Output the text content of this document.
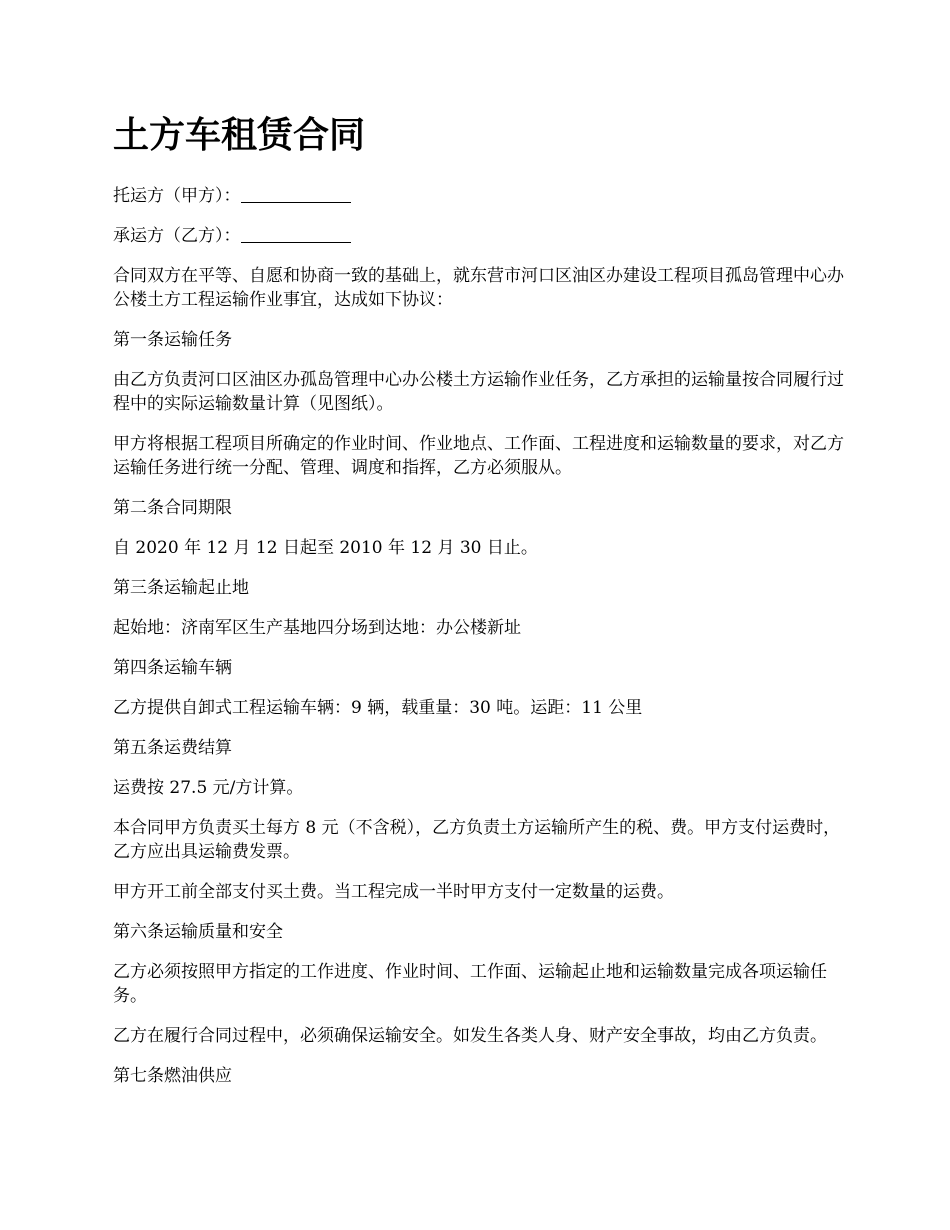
土方车租赁合同

托运方（甲方）：

承运方（乙方）：

合同双方在平等、自愿和协商一致的基础上，就东营市河口区油区办建设工程项目孤岛管理中心办公楼土方工程运输作业事宜，达成如下协议：

第一条运输任务

由乙方负责河口区油区办孤岛管理中心办公楼土方运输作业任务，乙方承担的运输量按合同履行过程中的实际运输数量计算（见图纸）。

甲方将根据工程项目所确定的作业时间、作业地点、工作面、工程进度和运输数量的要求，对乙方运输任务进行统一分配、管理、调度和指挥，乙方必须服从。

第二条合同期限

自 2020 年 12 月 12 日起至 2010 年 12 月 30 日止。

第三条运输起止地

起始地：济南军区生产基地四分场到达地：办公楼新址

第四条运输车辆

乙方提供自卸式工程运输车辆：9 辆，载重量：30 吨。运距：11 公里

第五条运费结算

运费按 27.5 元/方计算。

本合同甲方负责买土每方 8 元（不含税），乙方负责土方运输所产生的税、费。甲方支付运费时，乙方应出具运输费发票。

甲方开工前全部支付买土费。当工程完成一半时甲方支付一定数量的运费。

第六条运输质量和安全

乙方必须按照甲方指定的工作进度、作业时间、工作面、运输起止地和运输数量完成各项运输任务。

乙方在履行合同过程中，必须确保运输安全。如发生各类人身、财产安全事故，均由乙方负责。

第七条燃油供应
